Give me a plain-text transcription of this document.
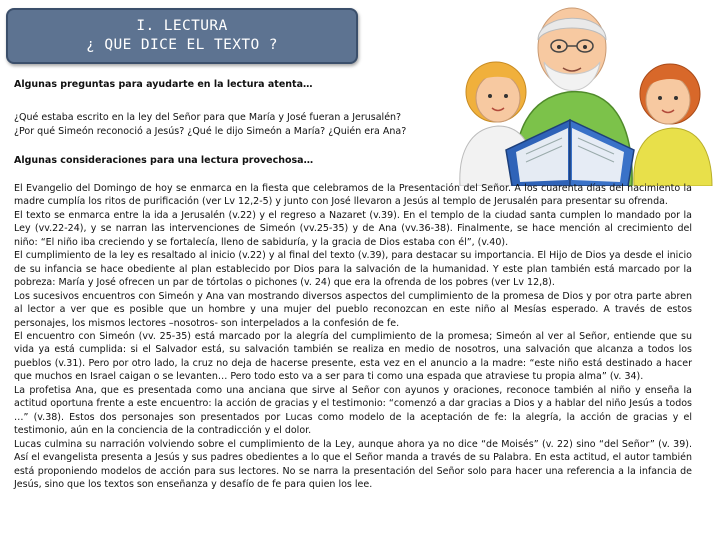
I. LECTURA
¿ QUE DICE EL TEXTO ?
Algunas preguntas para ayudarte en la lectura atenta…
¿Qué estaba escrito en la ley del Señor para que María y José fueran a Jerusalén?
¿Por qué Simeón reconoció a Jesús? ¿Qué le dijo Simeón a María? ¿Quién era Ana?
Algunas consideraciones para una lectura provechosa…

El Evangelio del Domingo de hoy se enmarca en la fiesta que celebramos de la Presentación del Señor. A los cuarenta días del nacimiento la madre cumplía los ritos de purificación (ver Lv 12,2-5) y junto con José llevaron a Jesús al templo de Jerusalén para presentar su ofrenda.

El texto se enmarca entre la ida a Jerusalén (v.22) y el regreso a Nazaret (v.39). En el templo de la ciudad santa cumplen lo mandado por la Ley (vv.22-24), y se narran las intervenciones de Simeón (vv.25-35) y de Ana (vv.36-38). Finalmente, se hace mención al crecimiento del niño: “El niño iba creciendo y se fortalecía, lleno de sabiduría, y la gracia de Dios estaba con él”, (v.40).

El cumplimiento de la ley es resaltado al inicio (v.22) y al final del texto (v.39), para destacar su importancia. El Hijo de Dios ya desde el inicio de su infancia se hace obediente al plan establecido por Dios para la salvación de la humanidad. Y este plan también está marcado por la pobreza: María y José ofrecen un par de tórtolas o pichones (v. 24) que era la ofrenda de los pobres (ver Lv 12,8).

Los sucesivos encuentros con Simeón y Ana van mostrando diversos aspectos del cumplimiento de la promesa de Dios y por otra parte abren al lector a ver que es posible que un hombre y una mujer del pueblo reconozcan en este niño al Mesías esperado. A través de estos personajes, los mismos lectores –nosotros- son interpelados a la confesión de fe.

El encuentro con Simeón (vv. 25-35) está marcado por la alegría del cumplimiento de la promesa; Simeón al ver al Señor, entiende que su vida ya está cumplida: si el Salvador está, su salvación también se realiza en medio de nosotros, una salvación que alcanza a todos los pueblos (v.31). Pero por otro lado, la cruz no deja de hacerse presente, esta vez en el anuncio a la madre: “este niño está destinado a hacer que muchos en Israel caigan o se levanten… Pero todo esto va a ser para ti como una espada que atraviese tu propia alma” (v. 34).

La profetisa Ana, que es presentada como una anciana que sirve al Señor con ayunos y oraciones, reconoce también al niño y enseña la actitud oportuna frente a este encuentro: la acción de gracias y el testimonio: “comenzó a dar gracias a Dios y a hablar del niño Jesús a todos …” (v.38). Estos dos personajes son presentados por Lucas como modelo de la aceptación de fe: la alegría, la acción de gracias y el testimonio, aún en la conciencia de la contradicción y el dolor.

Lucas culmina su narración volviendo sobre el cumplimiento de la Ley, aunque ahora ya no dice “de Moisés” (v. 22) sino “del Señor” (v. 39). Así el evangelista presenta a Jesús y sus padres obedientes a lo que el Señor manda a través de su Palabra. En esta actitud, el autor también está proponiendo modelos de acción para sus lectores. No se narra la presentación del Señor solo para hacer una referencia a la infancia de Jesús, sino que los textos son enseñanza y desafío de fe para quien los lee.
